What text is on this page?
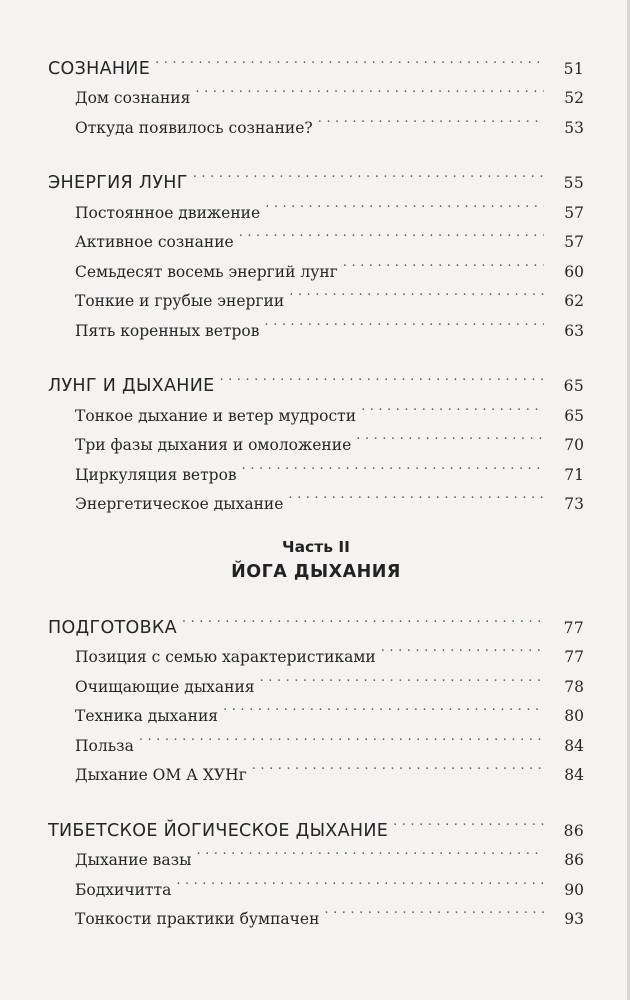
СОЗНАНИЕ . . .	51
Дом сознания . . .	52
Откуда появилось сознание? . . .	53
ЭНЕРГИЯ ЛУНГ . . .	55
Постоянное движение . . .	57
Активное сознание . . .	57
Семьдесят восемь энергий лунг . . .	60
Тонкие и грубые энергии . . .	62
Пять коренных ветров . . .	63
ЛУНГ И ДЫХАНИЕ . . .	65
Тонкое дыхание и ветер мудрости . . .	65
Три фазы дыхания и омоложение . . .	70
Циркуляция ветров . . .	71
Энергетическое дыхание . . .	73
Часть II
ЙОГА ДЫХАНИЯ
ПОДГОТОВКА . . .	77
Позиция с семью характеристиками . . .	77
Очищающие дыхания . . .	78
Техника дыхания . . .	80
Польза . . .	84
Дыхание ОМ А ХУНг . . .	84
ТИБЕТСКОЕ ЙОГИЧЕСКОЕ ДЫХАНИЕ . . .	86
Дыхание вазы . . .	86
Бодхичитта . . .	90
Тонкости практики бумпачен . . .	93
